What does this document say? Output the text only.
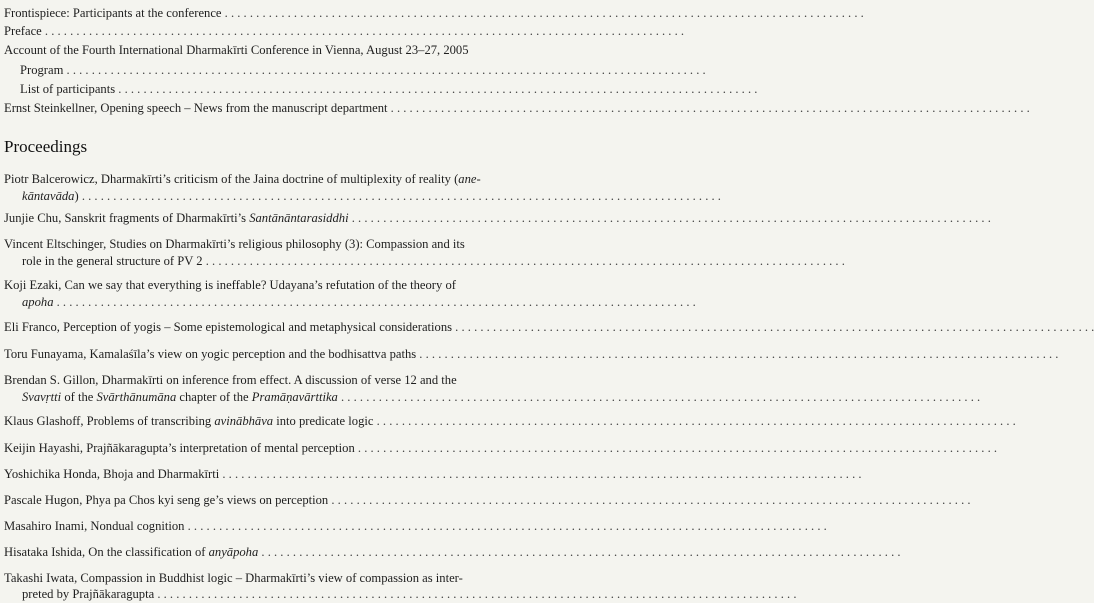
Frontispiece: Participants at the conference . . .
Preface . . .
Account of the Fourth International Dharmakīrti Conference in Vienna, August 23–27, 2005
Program . . .
List of participants . . .
Ernst Steinkellner, Opening speech – News from the manuscript department . . .
Proceedings
Piotr Balcerowicz, Dharmakīrti’s criticism of the Jaina doctrine of multiplexity of reality (ane-
kāntavāda) . . .
Junjie Chu, Sanskrit fragments of Dharmakīrti’s Santānāntarasiddhi . . .
Vincent Eltschinger, Studies on Dharmakīrti’s religious philosophy (3): Compassion and its
role in the general structure of PV 2 . . .
Koji Ezaki, Can we say that everything is ineffable? Udayana’s refutation of the theory of
apoha . . .
Eli Franco, Perception of yogis – Some epistemological and metaphysical considerations . . .
Toru Funayama, Kamalaśīla’s view on yogic perception and the bodhisattva paths . . .
Brendan S. Gillon, Dharmakīrti on inference from effect. A discussion of verse 12 and the
Svavṛtti of the Svārthānumāna chapter of the Pramāṇavārttika . . .
Klaus Glashoff, Problems of transcribing avinābhāva into predicate logic . . .
Keijin Hayashi, Prajñākaragupta’s interpretation of mental perception . . .
Yoshichika Honda, Bhoja and Dharmakīrti . . .
Pascale Hugon, Phya pa Chos kyi seng ge’s views on perception . . .
Masahiro Inami, Nondual cognition . . .
Hisataka Ishida, On the classification of anyāpoha . . .
Takashi Iwata, Compassion in Buddhist logic – Dharmakīrti’s view of compassion as inter-
preted by Prajñākaragupta . . .
